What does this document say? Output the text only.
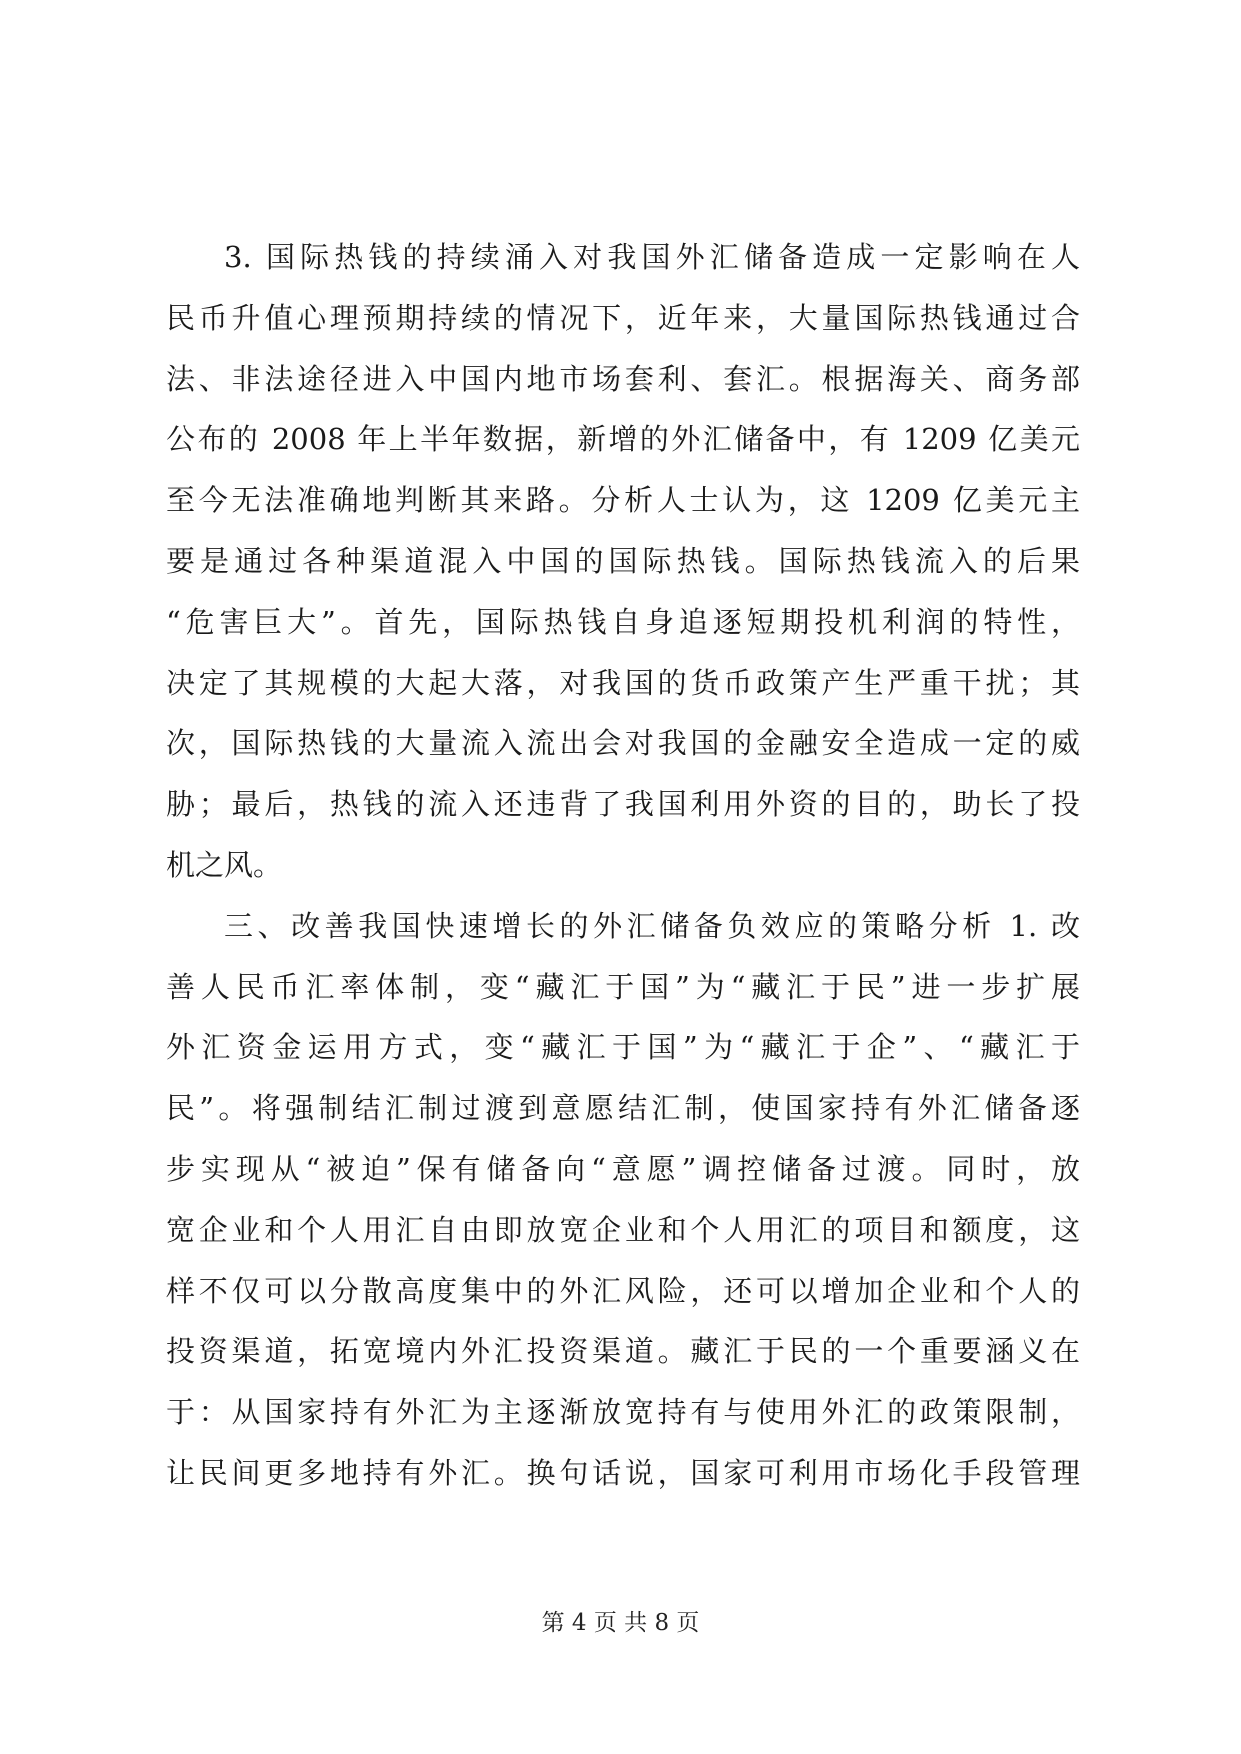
3. 国际热钱的持续涌入对我国外汇储备造成一定影响在人
民币升值心理预期持续的情况下，近年来，大量国际热钱通过合
法、非法途径进入中国内地市场套利、套汇。根据海关、商务部
公布的 2008 年上半年数据，新增的外汇储备中，有 1209 亿美元
至今无法准确地判断其来路。分析人士认为，这 1209 亿美元主
要是通过各种渠道混入中国的国际热钱。国际热钱流入的后果
“危害巨大”。首先，国际热钱自身追逐短期投机利润的特性，
决定了其规模的大起大落，对我国的货币政策产生严重干扰；其
次，国际热钱的大量流入流出会对我国的金融安全造成一定的威
胁；最后，热钱的流入还违背了我国利用外资的目的，助长了投
机之风。
三、改善我国快速增长的外汇储备负效应的策略分析 1. 改
善人民币汇率体制，变“藏汇于国”为“藏汇于民”进一步扩展
外汇资金运用方式，变“藏汇于国”为“藏汇于企”、“藏汇于
民”。将强制结汇制过渡到意愿结汇制，使国家持有外汇储备逐
步实现从“被迫”保有储备向“意愿”调控储备过渡。同时，放
宽企业和个人用汇自由即放宽企业和个人用汇的项目和额度，这
样不仅可以分散高度集中的外汇风险，还可以增加企业和个人的
投资渠道，拓宽境内外汇投资渠道。藏汇于民的一个重要涵义在
于：从国家持有外汇为主逐渐放宽持有与使用外汇的政策限制，
让民间更多地持有外汇。换句话说，国家可利用市场化手段管理
第 4 页 共 8 页
